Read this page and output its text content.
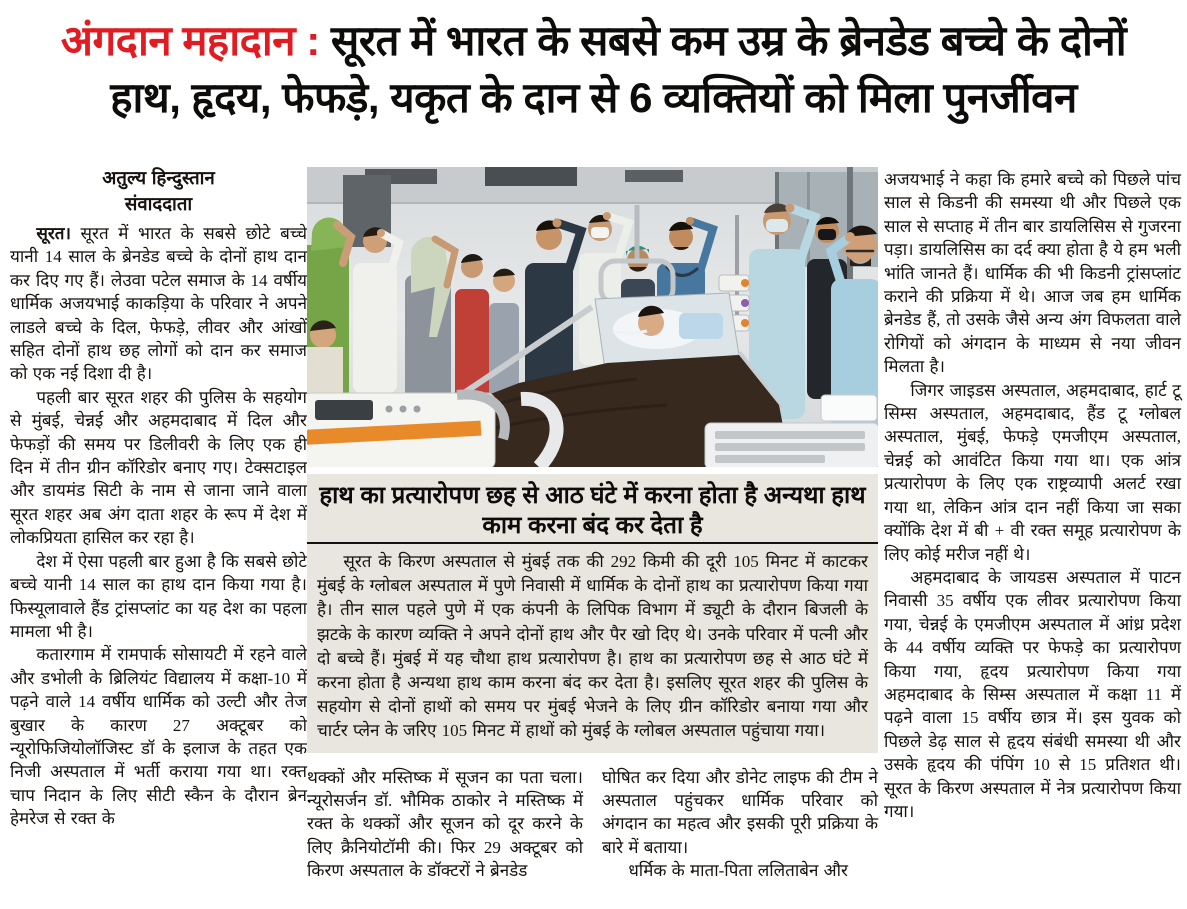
अंगदान महादान : सूरत में भारत के सबसे कम उम्र के ब्रेनडेड बच्चे के दोनों
हाथ, हृदय, फेफड़े, यकृत के दान से 6 व्यक्तियों को मिला पुनर्जीवन
अतुल्य हिन्दुस्तान
संवाददाता

सूरत। सूरत में भारत के सबसे छोटे बच्चे यानी 14 साल के ब्रेनडेड बच्चे के दोनों हाथ दान कर दिए गए हैं। लेउवा पटेल समाज के 14 वर्षीय धार्मिक अजयभाई काकड़िया के परिवार ने अपने लाडले बच्चे के दिल, फेफड़े, लीवर और आंखों सहित दोनों हाथ छह लोगों को दान कर समाज को एक नई दिशा दी है।

पहली बार सूरत शहर की पुलिस के सहयोग से मुंबई, चेन्नई और अहमदाबाद में दिल और फेफड़ों की समय पर डिलीवरी के लिए एक ही दिन में तीन ग्रीन कॉरिडोर बनाए गए। टेक्सटाइल और डायमंड सिटी के नाम से जाना जाने वाला सूरत शहर अब अंग दाता शहर के रूप में देश में लोकप्रियता हासिल कर रहा है।

देश में ऐसा पहली बार हुआ है कि सबसे छोटे बच्चे यानी 14 साल का हाथ दान किया गया है। फिस्यूलावाले हैंड ट्रांसप्लांट का यह देश का पहला मामला भी है।

कतारगाम में रामपार्क सोसायटी में रहने वाले और डभोली के ब्रिलियंट विद्यालय में कक्षा-10 में पढ़ने वाले 14 वर्षीय धार्मिक को उल्टी और तेज बुखार के कारण 27 अक्टूबर को न्यूरोफिजियोलॉजिस्ट डॉ के इलाज के तहत एक निजी अस्पताल में भर्ती कराया गया था। रक्त चाप निदान के लिए सीटी स्कैन के दौरान ब्रेन हेमरेज से रक्त के

हाथ का प्रत्यारोपण छह से आठ घंटे में करना होता है अन्यथा हाथ
काम करना बंद कर देता है

सूरत के किरण अस्पताल से मुंबई तक की 292 किमी की दूरी 105 मिनट में काटकर मुंबई के ग्लोबल अस्पताल में पुणे निवासी में धार्मिक के दोनों हाथ का प्रत्यारोपण किया गया है। तीन साल पहले पुणे में एक कंपनी के लिपिक विभाग में ड्यूटी के दौरान बिजली के झटके के कारण व्यक्ति ने अपने दोनों हाथ और पैर खो दिए थे। उनके परिवार में पत्नी और दो बच्चे हैं। मुंबई में यह चौथा हाथ प्रत्यारोपण है। हाथ का प्रत्यारोपण छह से आठ घंटे में करना होता है अन्यथा हाथ काम करना बंद कर देता है। इसलिए सूरत शहर की पुलिस के सहयोग से दोनों हाथों को समय पर मुंबई भेजने के लिए ग्रीन कॉरिडोर बनाया गया और चार्टर प्लेन के जरिए 105 मिनट में हाथों को मुंबई के ग्लोबल अस्पताल पहुंचाया गया।

थक्कों और मस्तिष्क में सूजन का पता चला। न्यूरोसर्जन डॉ. भौमिक ठाकोर ने मस्तिष्क में रक्त के थक्कों और सूजन को दूर करने के लिए क्रैनियोटॉमी की। फिर 29 अक्टूबर को किरण अस्पताल के डॉक्टरों ने ब्रेनडेड

घोषित कर दिया और डोनेट लाइफ की टीम ने अस्पताल पहुंचकर धार्मिक परिवार को अंगदान का महत्व और इसकी पूरी प्रक्रिया के बारे में बताया।

धर्मिक के माता-पिता ललिताबेन और

अजयभाई ने कहा कि हमारे बच्चे को पिछले पांच साल से किडनी की समस्या थी और पिछले एक साल से सप्ताह में तीन बार डायलिसिस से गुजरना पड़ा। डायलिसिस का दर्द क्या होता है ये हम भली भांति जानते हैं। धार्मिक की भी किडनी ट्रांसप्लांट कराने की प्रक्रिया में थे। आज जब हम धार्मिक ब्रेनडेड हैं, तो उसके जैसे अन्य अंग विफलता वाले रोगियों को अंगदान के माध्यम से नया जीवन मिलता है।

जिगर जाइडस अस्पताल, अहमदाबाद, हार्ट टू सिम्स अस्पताल, अहमदाबाद, हैंड टू ग्लोबल अस्पताल, मुंबई, फेफड़े एमजीएम अस्पताल, चेन्नई को आवंटित किया गया था। एक आंत्र प्रत्यारोपण के लिए एक राष्ट्रव्यापी अलर्ट रखा गया था, लेकिन आंत्र दान नहीं किया जा सका क्योंकि देश में बी + वी रक्त समूह प्रत्यारोपण के लिए कोई मरीज नहीं थे।

अहमदाबाद के जायडस अस्पताल में पाटन निवासी 35 वर्षीय एक लीवर प्रत्यारोपण किया गया, चेन्नई के एमजीएम अस्पताल में आंध्र प्रदेश के 44 वर्षीय व्यक्ति पर फेफड़े का प्रत्यारोपण किया गया, हृदय प्रत्यारोपण किया गया अहमदाबाद के सिम्स अस्पताल में कक्षा 11 में पढ़ने वाला 15 वर्षीय छात्र में। इस युवक को पिछले डेढ़ साल से हृदय संबंधी समस्या थी और उसके हृदय की पंपिंग 10 से 15 प्रतिशत थी। सूरत के किरण अस्पताल में नेत्र प्रत्यारोपण किया गया।
